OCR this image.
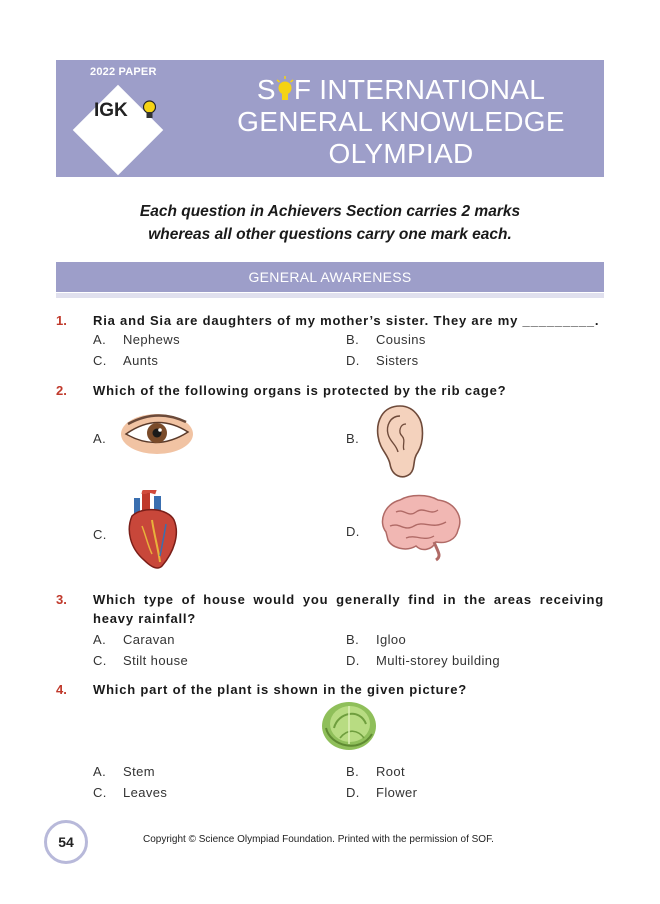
2022 PAPER
IGK
S F INTERNATIONAL
GENERAL KNOWLEDGE
OLYMPIAD
Each question in Achievers Section carries 2 marks
whereas all other questions carry one mark each.
GENERAL AWARENESS
1. Ria and Sia are daughters of my mother’s sister. They are my _________.
A. Nephews	B. Cousins
C. Aunts	D. Sisters
2. Which of the following organs is protected by the rib cage?
A.	B.
C.	D.
3. Which type of house would you generally find in the areas receiving heavy rainfall?
A. Caravan	B. Igloo
C. Stilt house	D. Multi-storey building
4. Which part of the plant is shown in the given picture?
A. Stem	B. Root
C. Leaves	D. Flower
54	Copyright © Science Olympiad Foundation. Printed with the permission of SOF.
